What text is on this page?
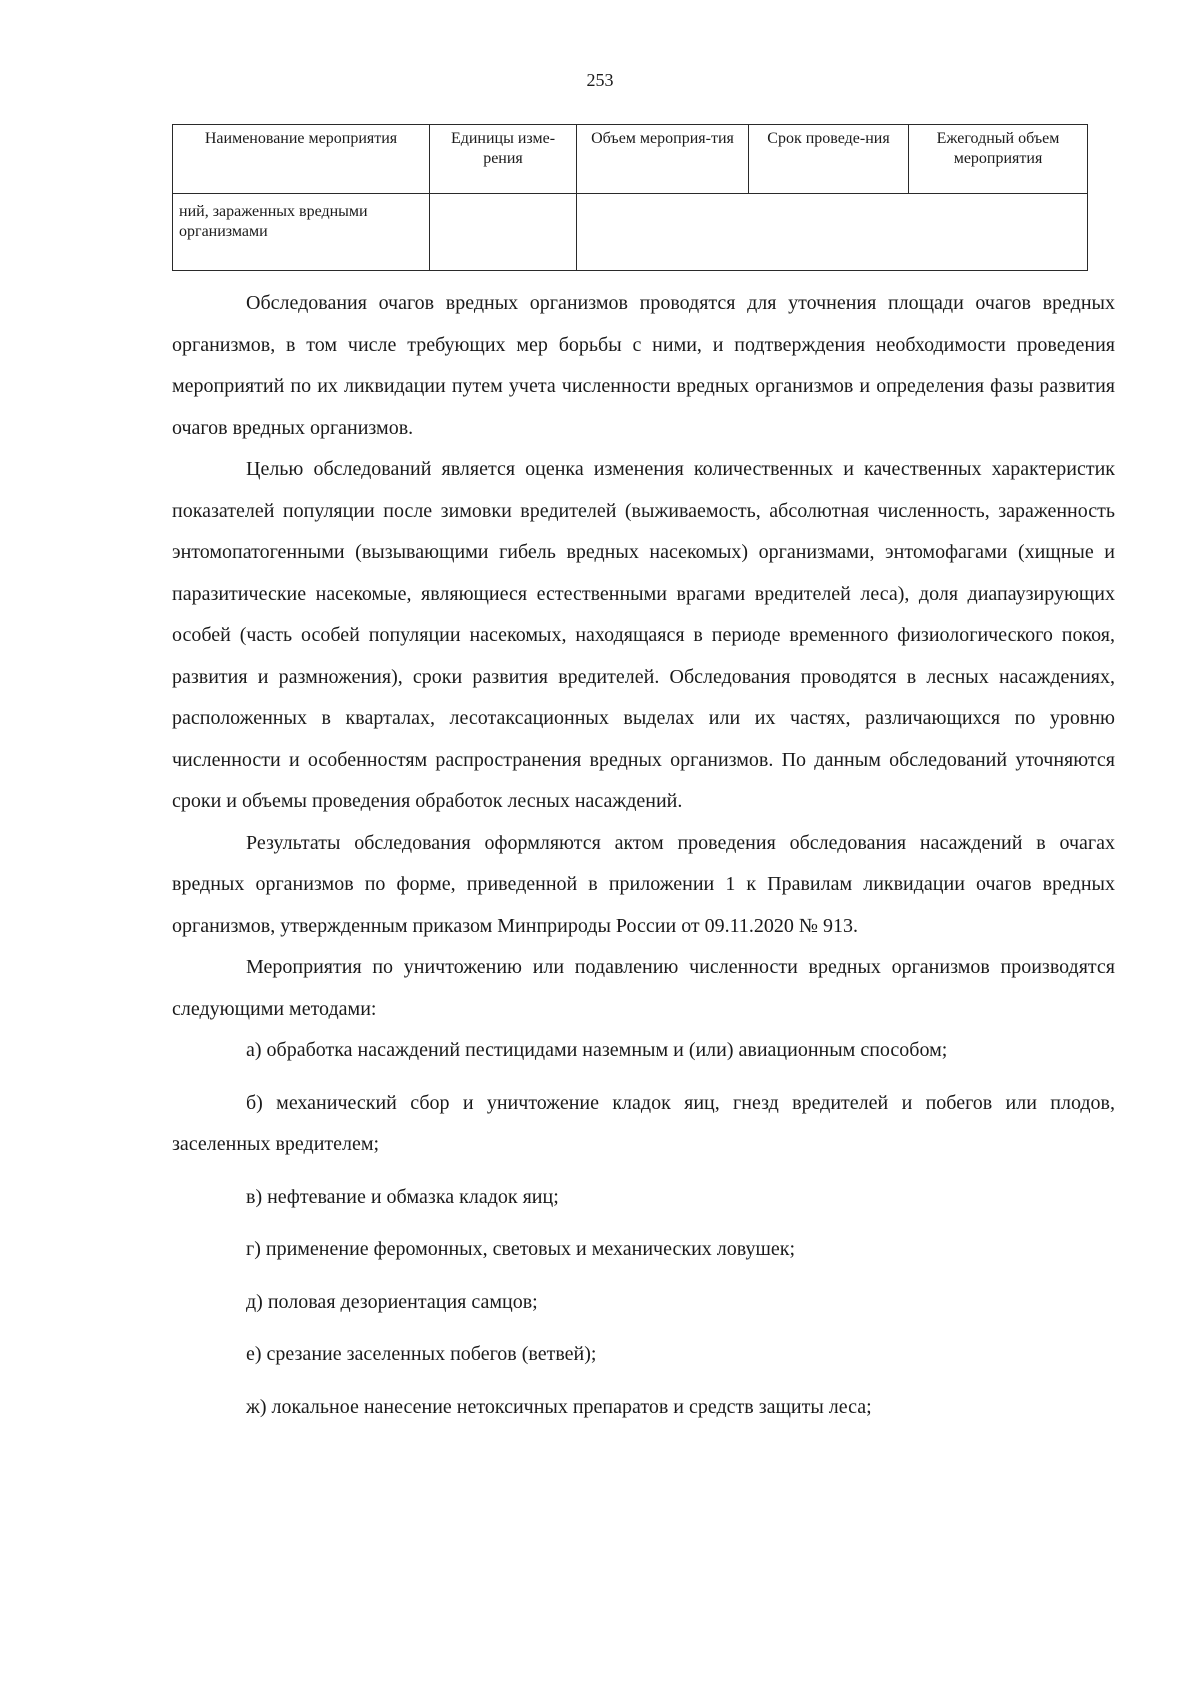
253
Наименование мероприятия	Единицы изме-рения	Объем мероприя-тия	Срок проведе-ния	Ежегодный объем мероприятия
ний, зараженных вредными организмами				

Обследования очагов вредных организмов проводятся для уточнения площади очагов вредных организмов, в том числе требующих мер борьбы с ними, и подтверждения необходимости проведения мероприятий по их ликвидации путем учета численности вредных организмов и определения фазы развития очагов вредных организмов.

Целью обследований является оценка изменения количественных и качественных характеристик показателей популяции после зимовки вредителей (выживаемость, абсолютная численность, зараженность энтомопатогенными (вызывающими гибель вредных насекомых) организмами, энтомофагами (хищные и паразитические насекомые, являющиеся естественными врагами вредителей леса), доля диапаузирующих особей (часть особей популяции насекомых, находящаяся в периоде временного физиологического покоя, развития и размножения), сроки развития вредителей. Обследования проводятся в лесных насаждениях, расположенных в кварталах, лесотаксационных выделах или их частях, различающихся по уровню численности и особенностям распространения вредных организмов. По данным обследований уточняются сроки и объемы проведения обработок лесных насаждений.

Результаты обследования оформляются актом проведения обследования насаждений в очагах вредных организмов по форме, приведенной в приложении 1 к Правилам ликвидации очагов вредных организмов, утвержденным приказом Минприроды России от 09.11.2020 № 913.

Мероприятия по уничтожению или подавлению численности вредных организмов производятся следующими методами:

а) обработка насаждений пестицидами наземным и (или) авиационным способом;

б) механический сбор и уничтожение кладок яиц, гнезд вредителей и побегов или плодов, заселенных вредителем;

в) нефтевание и обмазка кладок яиц;

г) применение феромонных, световых и механических ловушек;

д) половая дезориентация самцов;

е) срезание заселенных побегов (ветвей);

ж) локальное нанесение нетоксичных препаратов и средств защиты леса;
